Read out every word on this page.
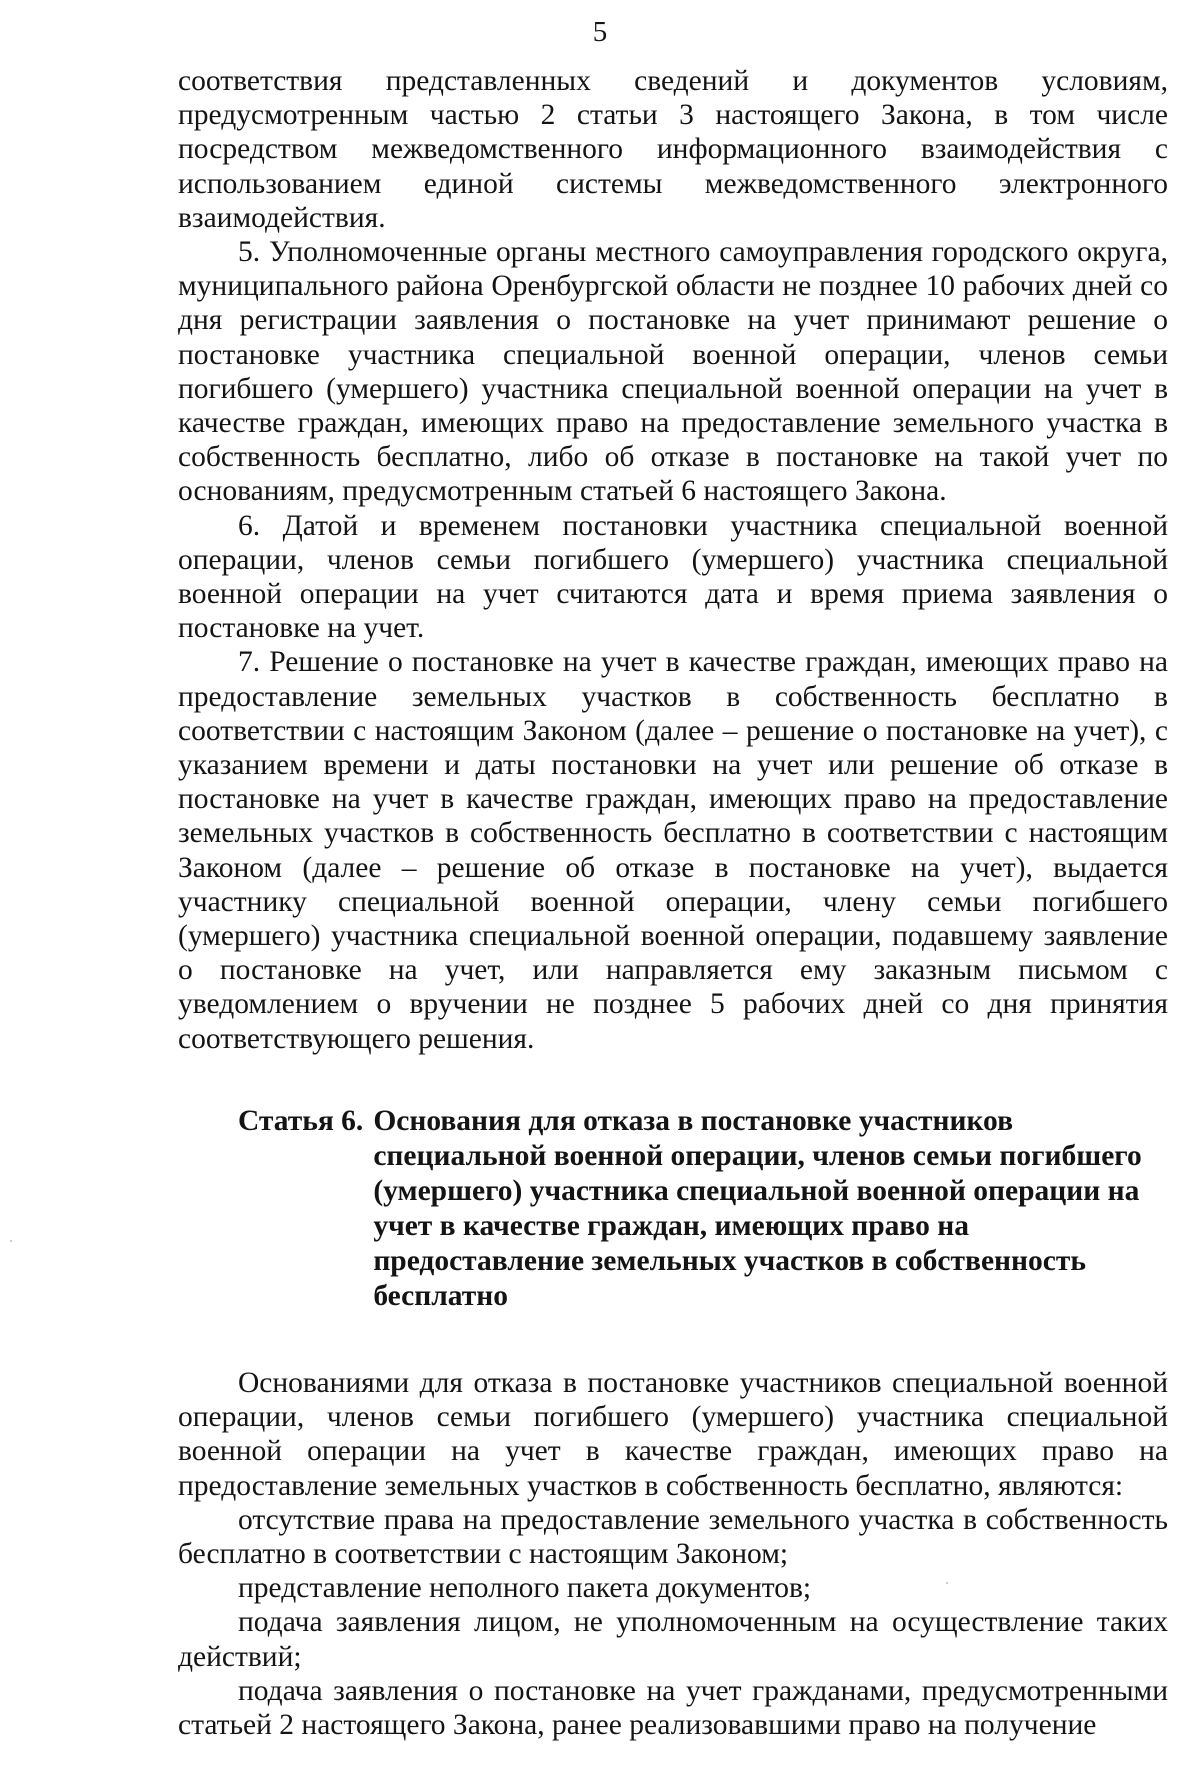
5

соответствия представленных сведений и документов условиям, предусмотренным частью 2 статьи 3 настоящего Закона, в том числе посредством межведомственного информационного взаимодействия с использованием единой системы межведомственного электронного взаимодействия.

5. Уполномоченные органы местного самоуправления городского округа, муниципального района Оренбургской области не позднее 10 рабочих дней со дня регистрации заявления о постановке на учет принимают решение о постановке участника специальной военной операции, членов семьи погибшего (умершего) участника специальной военной операции на учет в качестве граждан, имеющих право на предоставление земельного участка в собственность бесплатно, либо об отказе в постановке на такой учет по основаниям, предусмотренным статьей 6 настоящего Закона.

6. Датой и временем постановки участника специальной военной операции, членов семьи погибшего (умершего) участника специальной военной операции на учет считаются дата и время приема заявления о постановке на учет.

7. Решение о постановке на учет в качестве граждан, имеющих право на предоставление земельных участков в собственность бесплатно в соответствии с настоящим Законом (далее – решение о постановке на учет), с указанием времени и даты постановки на учет или решение об отказе в постановке на учет в качестве граждан, имеющих право на предоставление земельных участков в собственность бесплатно в соответствии с настоящим Законом (далее – решение об отказе в постановке на учет), выдается участнику специальной военной операции, члену семьи погибшего (умершего) участника специальной военной операции, подавшему заявление о постановке на учет, или направляется ему заказным письмом с уведомлением о вручении не позднее 5 рабочих дней со дня принятия соответствующего решения.

Статья 6. Основания для отказа в постановке участников специальной военной операции, членов семьи погибшего (умершего) участника специальной военной операции на учет в качестве граждан, имеющих право на предоставление земельных участков в собственность бесплатно

Основаниями для отказа в постановке участников специальной военной операции, членов семьи погибшего (умершего) участника специальной военной операции на учет в качестве граждан, имеющих право на предоставление земельных участков в собственность бесплатно, являются:

отсутствие права на предоставление земельного участка в собственность бесплатно в соответствии с настоящим Законом;

представление неполного пакета документов;

подача заявления лицом, не уполномоченным на осуществление таких действий;

подача заявления о постановке на учет гражданами, предусмотренными статьей 2 настоящего Закона, ранее реализовавшими право на получение
